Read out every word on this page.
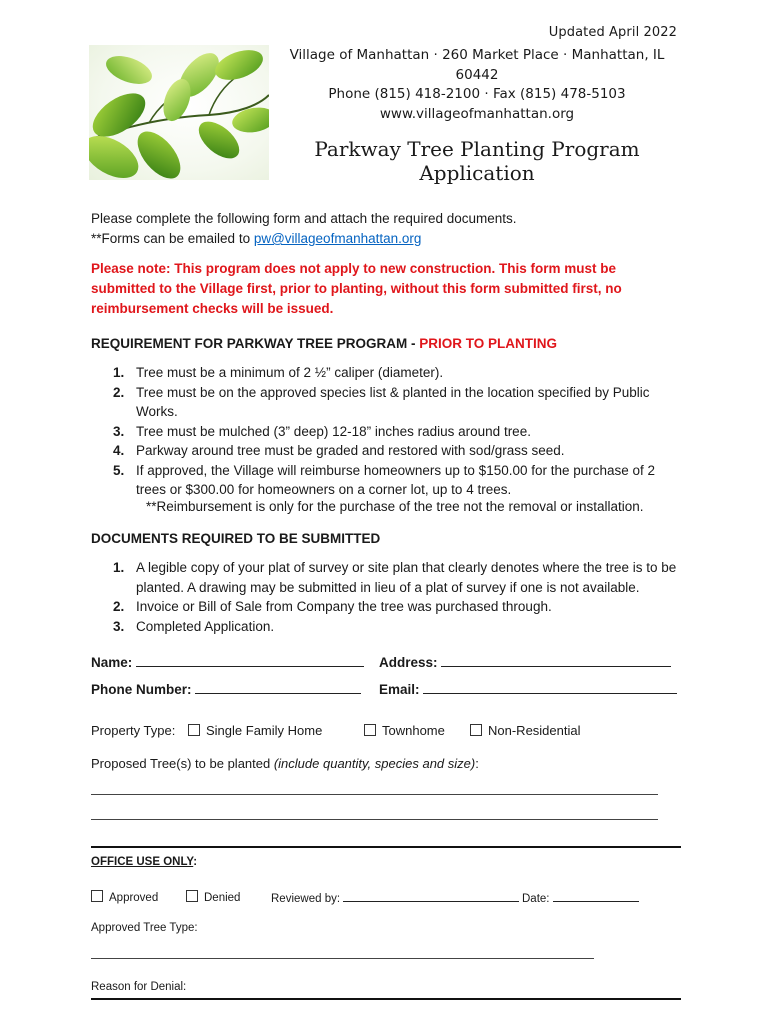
Updated April 2022
Village of Manhattan · 260 Market Place · Manhattan, IL 60442
Phone (815) 418-2100 · Fax (815) 478-5103
www.villageofmanhattan.org
Parkway Tree Planting Program
Application
Please complete the following form and attach the required documents.
**Forms can be emailed to pw@villageofmanhattan.org
Please note: This program does not apply to new construction. This form must be submitted to the Village first, prior to planting, without this form submitted first, no reimbursement checks will be issued.
REQUIREMENT FOR PARKWAY TREE PROGRAM - PRIOR TO PLANTING
1. Tree must be a minimum of 2 ½” caliper (diameter).
2. Tree must be on the approved species list & planted in the location specified by Public Works.
3. Tree must be mulched (3” deep) 12-18” inches radius around tree.
4. Parkway around tree must be graded and restored with sod/grass seed.
5. If approved, the Village will reimburse homeowners up to $150.00 for the purchase of 2 trees or $300.00 for homeowners on a corner lot, up to 4 trees.
**Reimbursement is only for the purchase of the tree not the removal or installation.
DOCUMENTS REQUIRED TO BE SUBMITTED
1. A legible copy of your plat of survey or site plan that clearly denotes where the tree is to be planted. A drawing may be submitted in lieu of a plat of survey if one is not available.
2. Invoice or Bill of Sale from Company the tree was purchased through.
3. Completed Application.
Name:	Address:
Phone Number:	Email:
Property Type:	Single Family Home	Townhome	Non-Residential
Proposed Tree(s) to be planted (include quantity, species and size):
OFFICE USE ONLY:
Approved	Denied	Reviewed by:	Date:
Approved Tree Type:
Reason for Denial:
